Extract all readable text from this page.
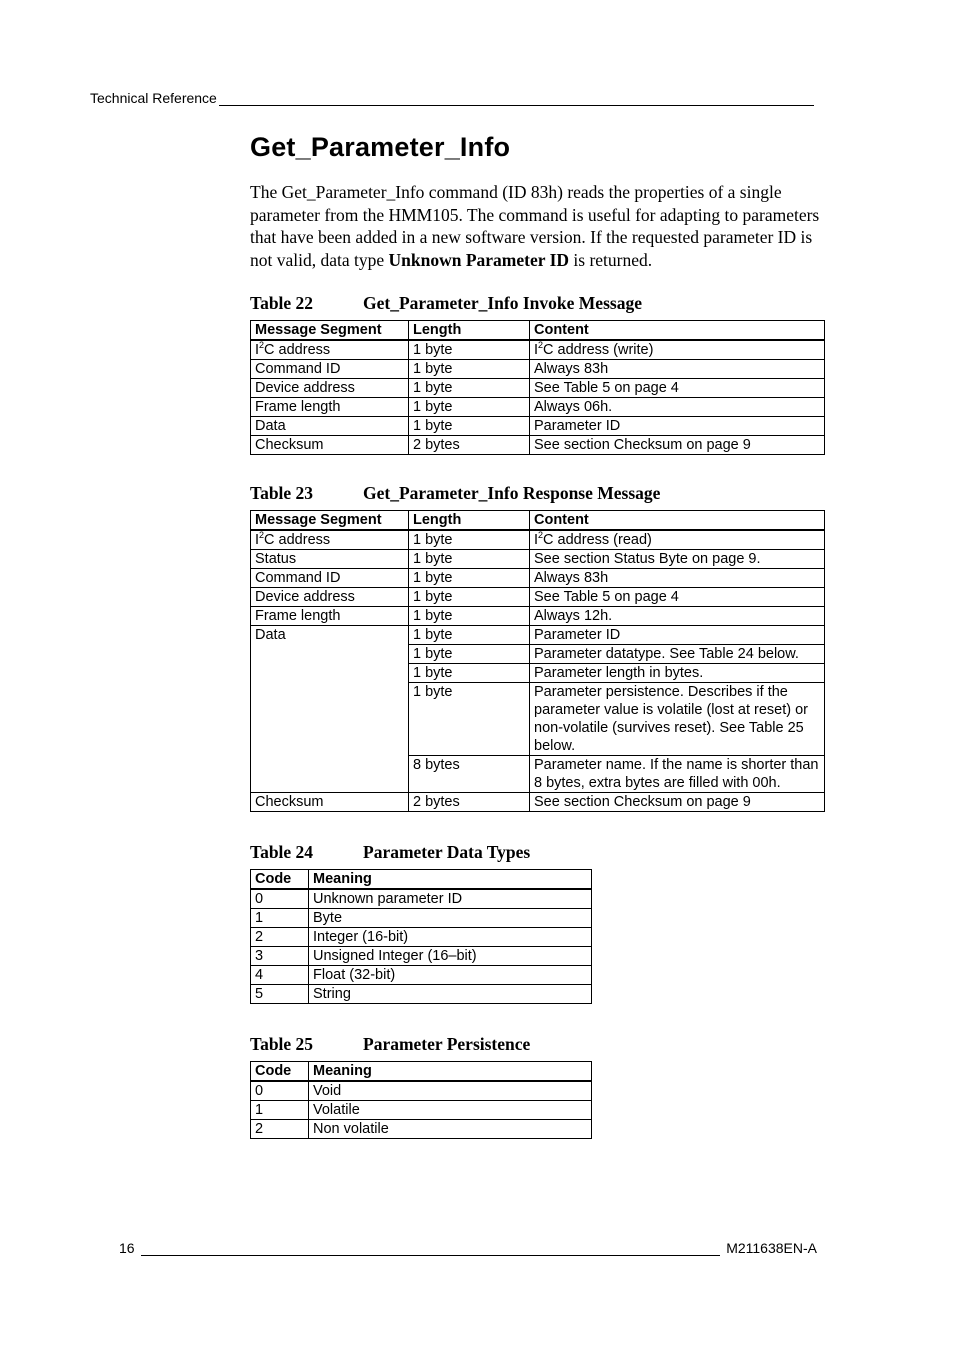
Technical Reference
Get_Parameter_Info

The Get_Parameter_Info command (ID 83h) reads the properties of a single parameter from the HMM105. The command is useful for adapting to parameters that have been added in a new software version. If the requested parameter ID is not valid, data type Unknown Parameter ID is returned.

Table 22	Get_Parameter_Info Invoke Message
Message Segment	Length	Content
$I^2C$ address	1 byte	$I^2C$ address (write)
Command ID	1 byte	Always 83h
Device address	1 byte	See Table 5 on page 4
Frame length	1 byte	Always 06h.
Data	1 byte	Parameter ID
Checksum	2 bytes	See section Checksum on page 9
Table 23	Get_Parameter_Info Response Message
Message Segment	Length	Content
$I^2C$ address	1 byte	$I^2C$ address (read)
Status	1 byte	See section Status Byte on page 9.
Command ID	1 byte	Always 83h
Device address	1 byte	See Table 5 on page 4
Frame length	1 byte	Always 12h.
Data	1 byte	Parameter ID
	1 byte	Parameter datatype. See Table 24 below.
	1 byte	Parameter length in bytes.
	1 byte	Parameter persistence. Describes if the parameter value is volatile (lost at reset) or non-volatile (survives reset). See Table 25 below.
	8 bytes	Parameter name. If the name is shorter than 8 bytes, extra bytes are filled with 00h.
Checksum	2 bytes	See section Checksum on page 9
Table 24	Parameter Data Types
Code	Meaning
0	Unknown parameter ID
1	Byte
2	Integer (16-bit)
3	Unsigned Integer (16–bit)
4	Float (32-bit)
5	String
Table 25	Parameter Persistence
Code	Meaning
0	Void
1	Volatile
2	Non volatile
16	M211638EN-A
